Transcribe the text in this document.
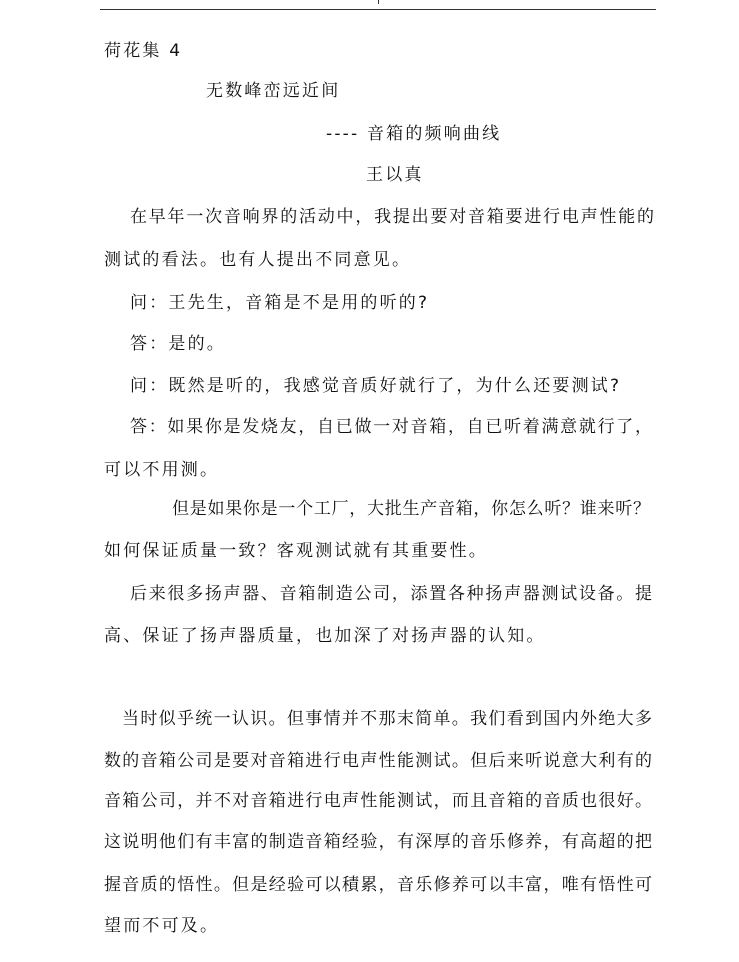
荷花集 4
无数峰峦远近间
---- 音箱的频响曲线
王以真
在早年一次音响界的活动中，我提出要对音箱要进行电声性能的
测试的看法。也有人提出不同意见。
问：王先生，音箱是不是用的听的?
答：是的。
问：既然是听的，我感觉音质好就行了，为什么还要测试?
答：如果你是发烧友，自已做一对音箱，自已听着满意就行了，
可以不用测。
但是如果你是一个工厂，大批生产音箱，你怎么听？谁来听？
如何保证质量一致？客观测试就有其重要性。
后来很多扬声器、音箱制造公司，添置各种扬声器测试设备。提
高、保证了扬声器质量，也加深了对扬声器的认知。
当时似乎统一认识。但事情并不那末简单。我们看到国内外绝大多
数的音箱公司是要对音箱进行电声性能测试。但后来听说意大利有的
音箱公司，并不对音箱进行电声性能测试，而且音箱的音质也很好。
这说明他们有丰富的制造音箱经验，有深厚的音乐修养，有高超的把
握音质的悟性。但是经验可以積累，音乐修养可以丰富，唯有悟性可
望而不可及。
